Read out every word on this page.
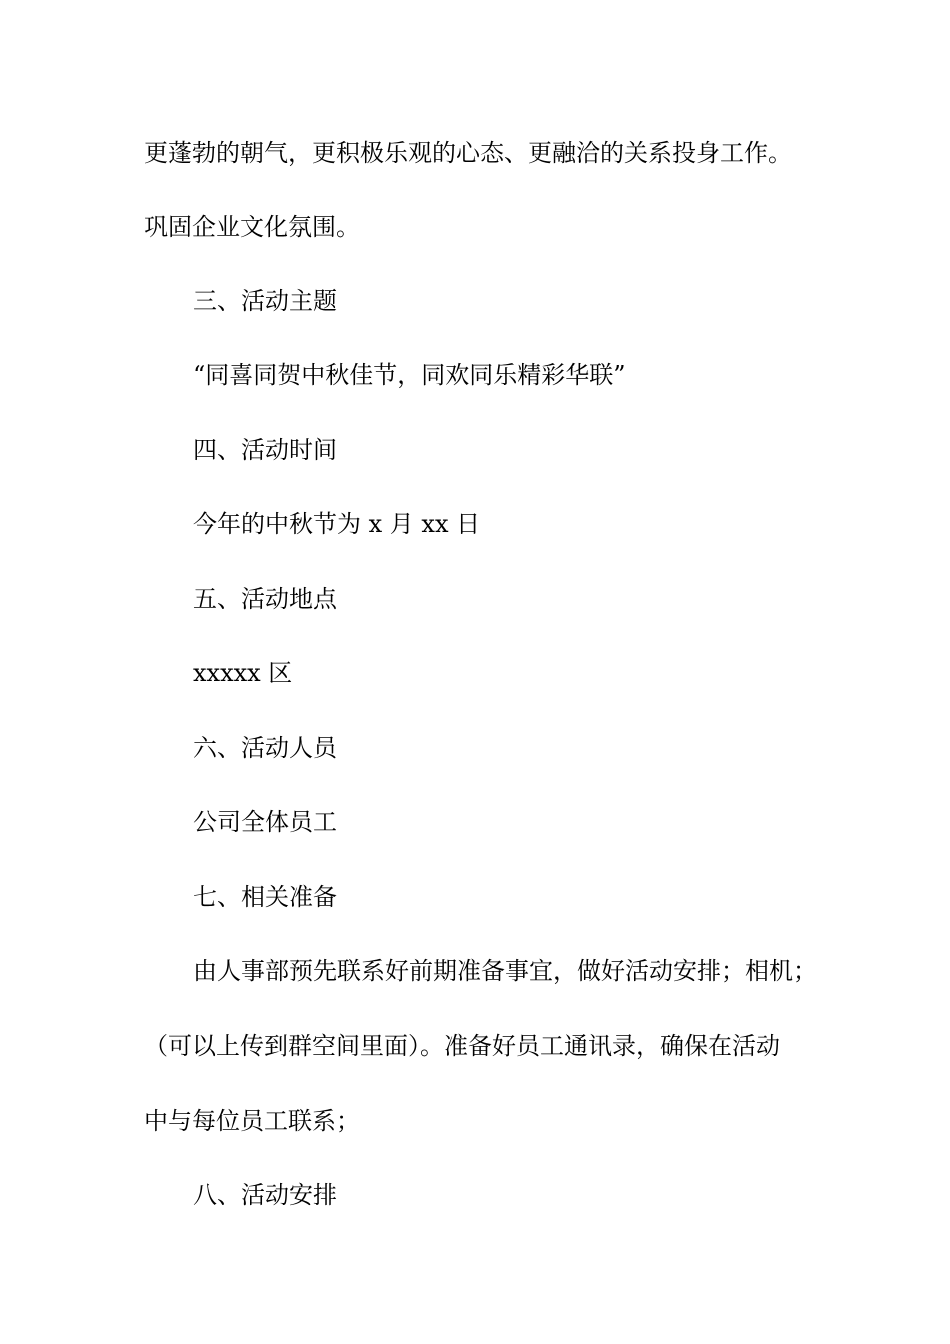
更蓬勃的朝气，更积极乐观的心态、更融洽的关系投身工作。
巩固企业文化氛围。
三、活动主题
“同喜同贺中秋佳节，同欢同乐精彩华联”
四、活动时间
今年的中秋节为 x 月 xx 日
五、活动地点
xxxxx 区
六、活动人员
公司全体员工
七、相关准备
由人事部预先联系好前期准备事宜，做好活动安排；相机；
（可以上传到群空间里面）。准备好员工通讯录，确保在活动
中与每位员工联系；
八、活动安排
